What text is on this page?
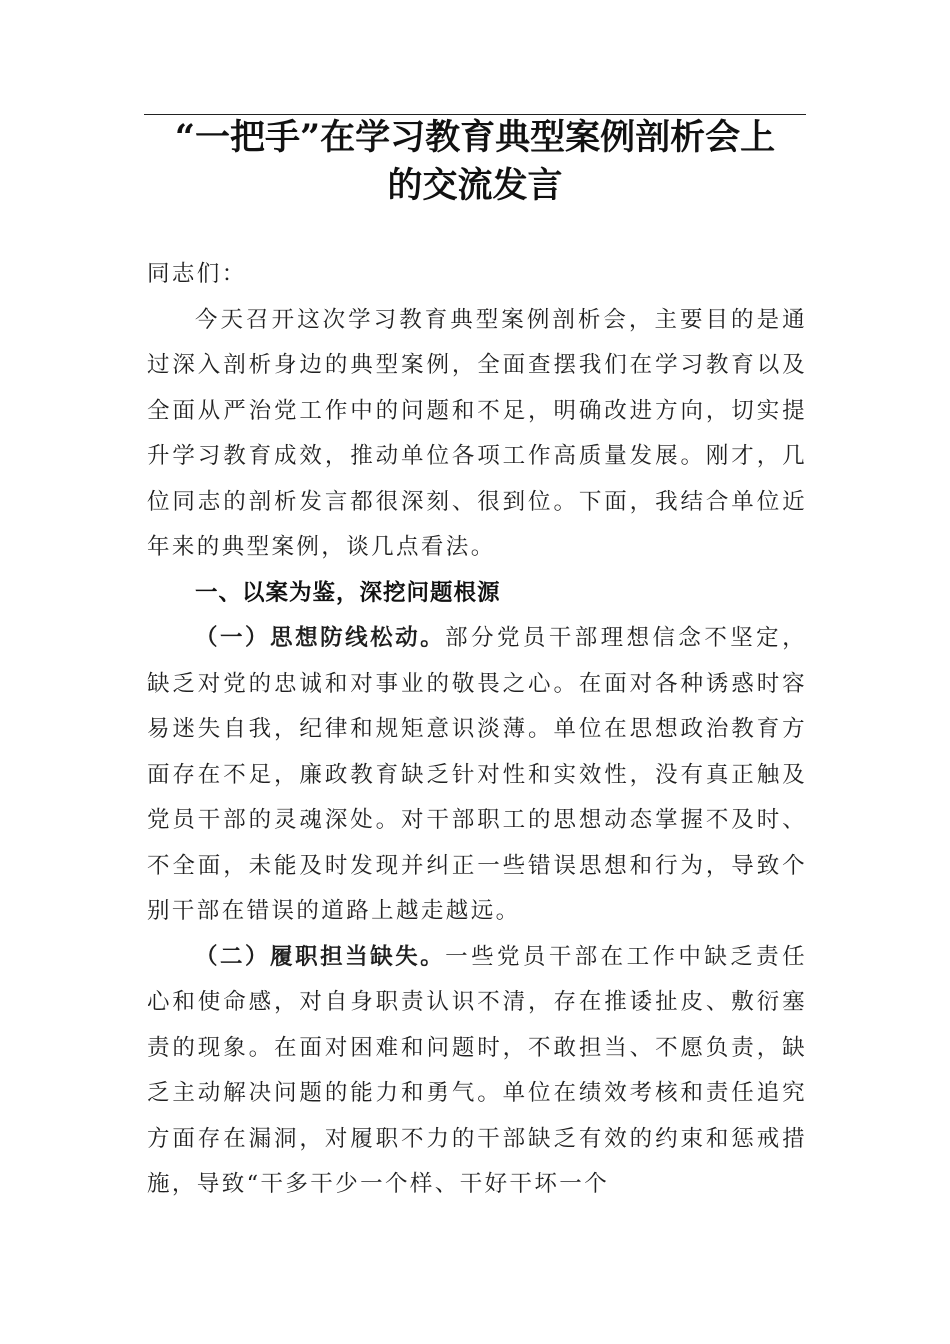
“一把手”在学习教育典型案例剖析会上
的交流发言

同志们：

今天召开这次学习教育典型案例剖析会，主要目的是通过深入剖析身边的典型案例，全面查摆我们在学习教育以及全面从严治党工作中的问题和不足，明确改进方向，切实提升学习教育成效，推动单位各项工作高质量发展。刚才，几位同志的剖析发言都很深刻、很到位。下面，我结合单位近年来的典型案例，谈几点看法。

一、以案为鉴，深挖问题根源

（一）思想防线松动。部分党员干部理想信念不坚定，缺乏对党的忠诚和对事业的敬畏之心。在面对各种诱惑时容易迷失自我，纪律和规矩意识淡薄。单位在思想政治教育方面存在不足，廉政教育缺乏针对性和实效性，没有真正触及党员干部的灵魂深处。对干部职工的思想动态掌握不及时、不全面，未能及时发现并纠正一些错误思想和行为，导致个别干部在错误的道路上越走越远。

（二）履职担当缺失。一些党员干部在工作中缺乏责任心和使命感，对自身职责认识不清，存在推诿扯皮、敷衍塞责的现象。在面对困难和问题时，不敢担当、不愿负责，缺乏主动解决问题的能力和勇气。单位在绩效考核和责任追究方面存在漏洞，对履职不力的干部缺乏有效的约束和惩戒措施，导致“干多干少一个样、干好干坏一个
